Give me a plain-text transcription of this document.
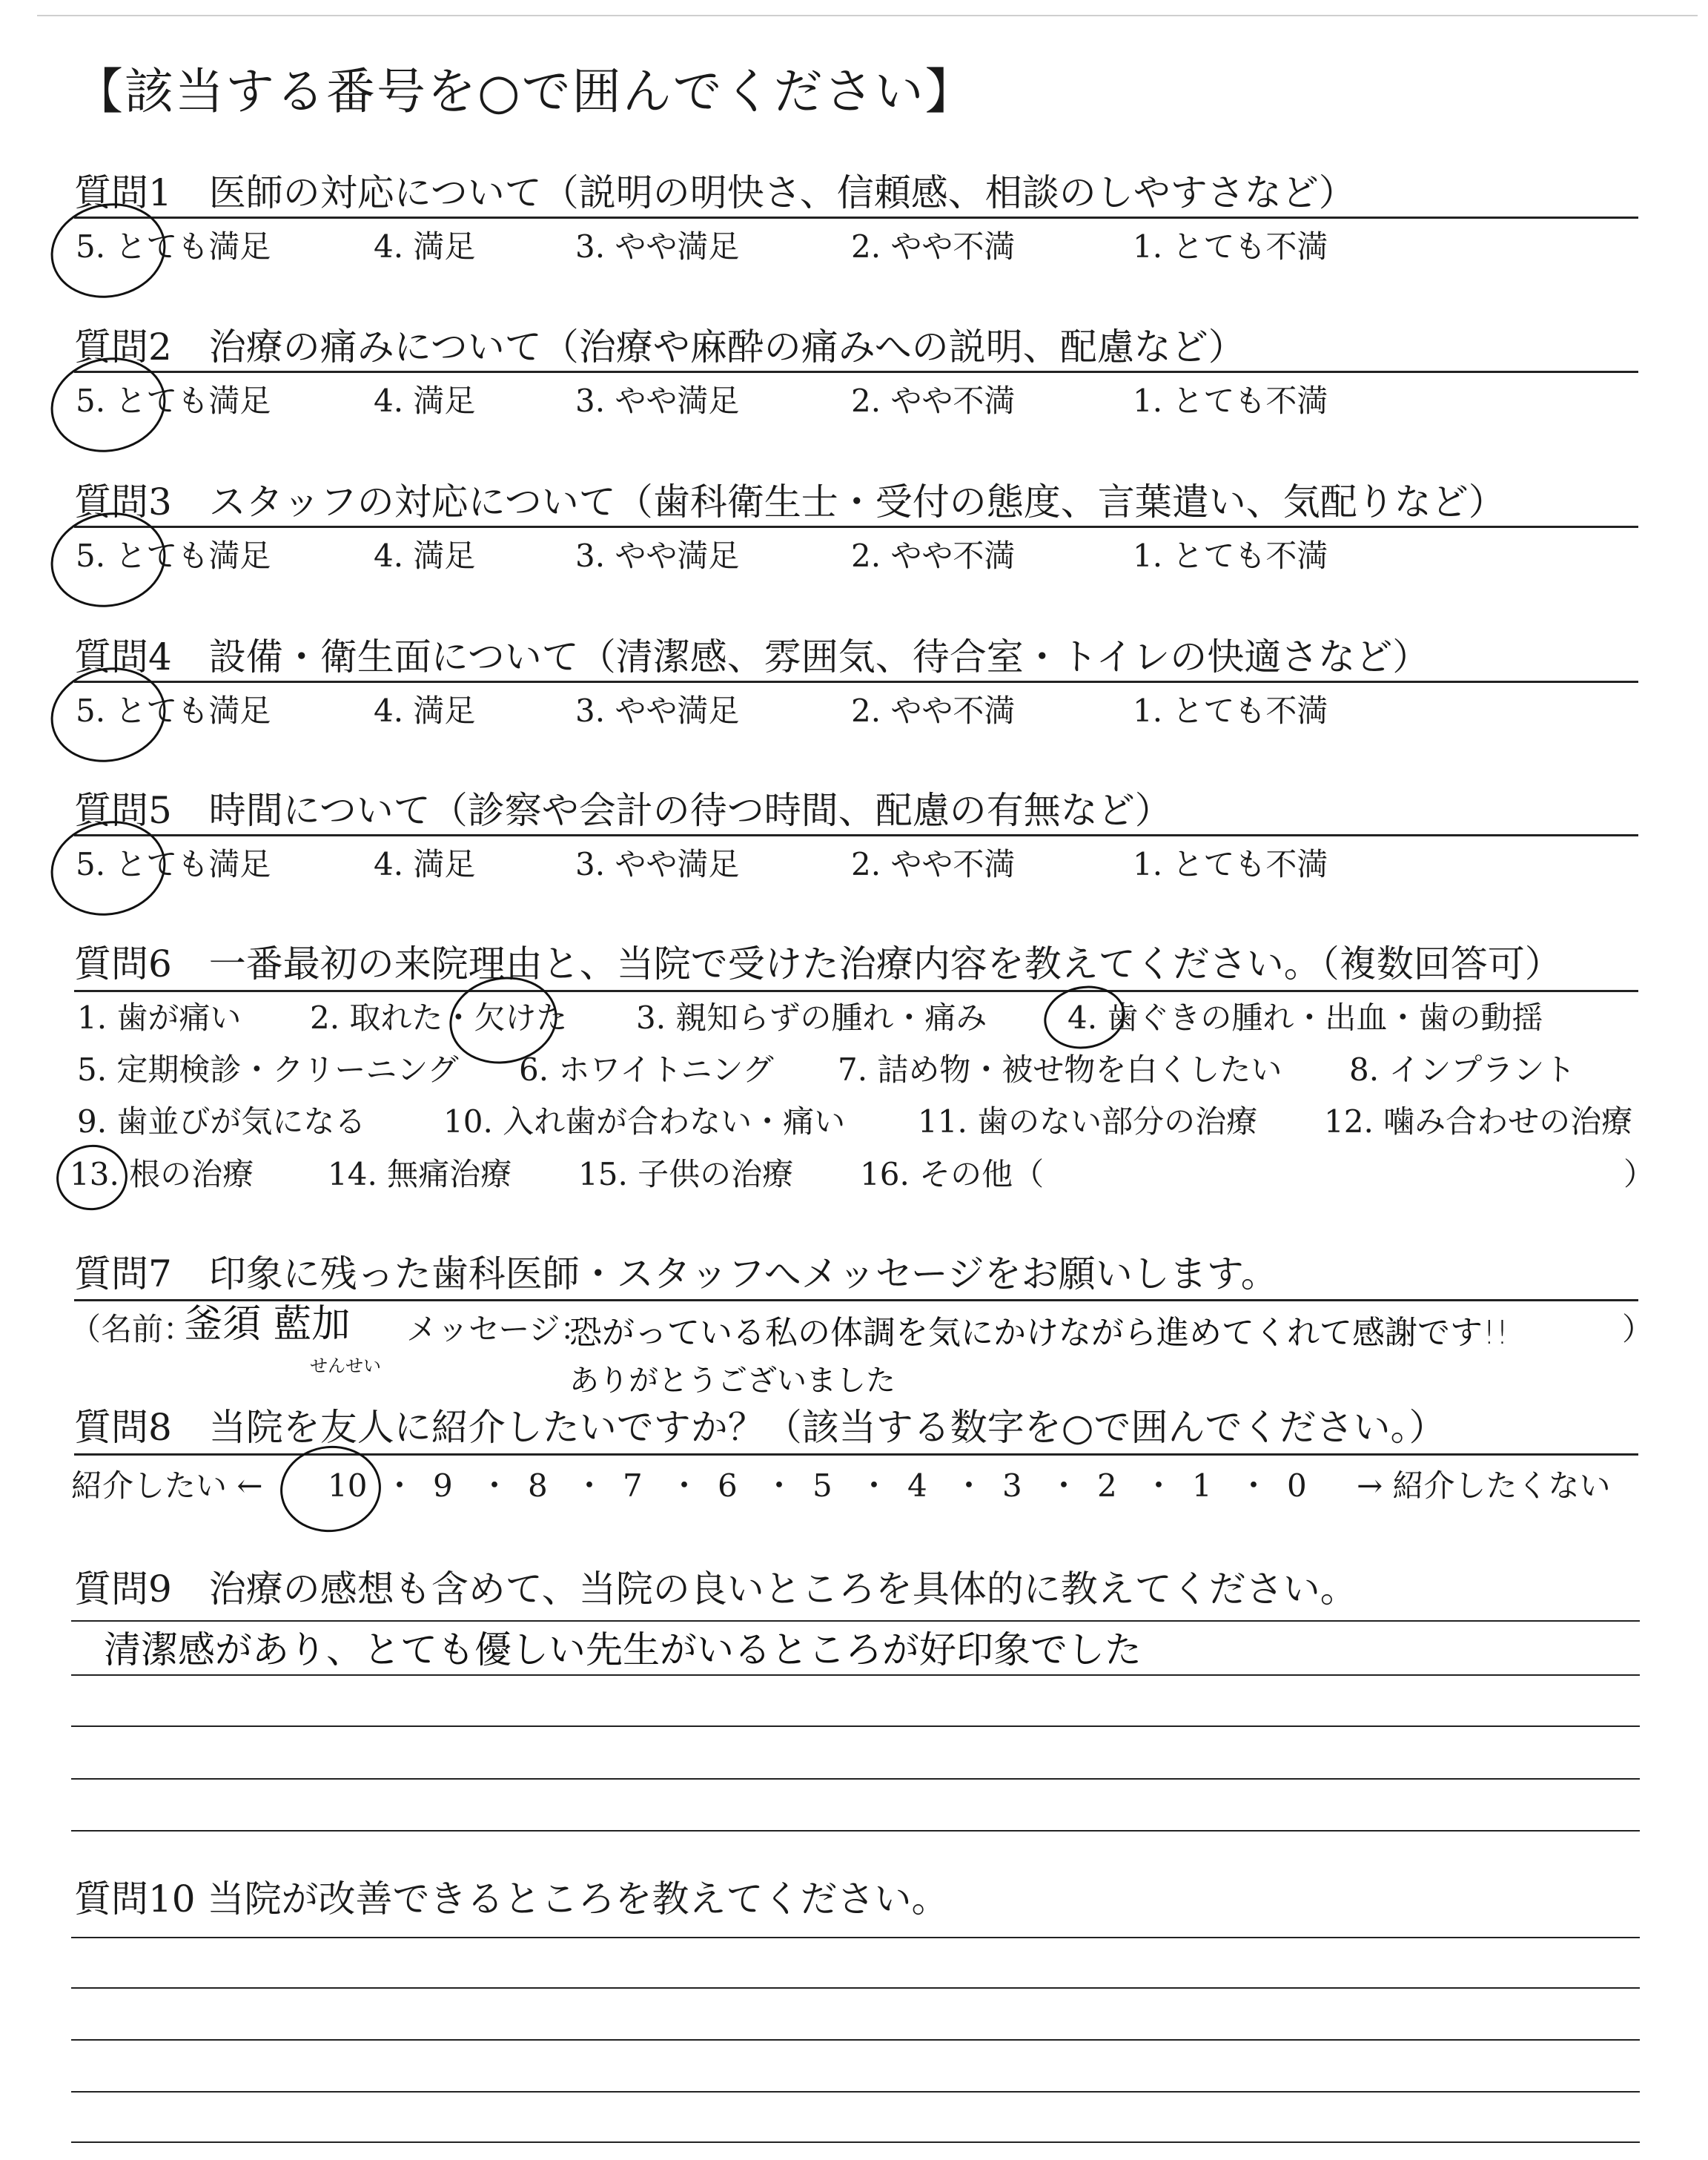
【該当する番号を○で囲んでください】
質問1　医師の対応について（説明の明快さ、信頼感、相談のしやすさなど）
5. とても満足	4. 満足	3. やや満足	2. やや不満	1. とても不満
質問2　治療の痛みについて（治療や麻酔の痛みへの説明、配慮など）
5. とても満足	4. 満足	3. やや満足	2. やや不満	1. とても不満
質問3　スタッフの対応について（歯科衛生士・受付の態度、言葉遣い、気配りなど）
5. とても満足	4. 満足	3. やや満足	2. やや不満	1. とても不満
質問4　設備・衛生面について（清潔感、雰囲気、待合室・トイレの快適さなど）
5. とても満足	4. 満足	3. やや満足	2. やや不満	1. とても不満
質問5　時間について（診察や会計の待つ時間、配慮の有無など）
5. とても満足	4. 満足	3. やや満足	2. やや不満	1. とても不満
質問6　一番最初の来院理由と、当院で受けた治療内容を教えてください。（複数回答可）
1. 歯が痛い 2. 取れた・欠けた 3. 親知らずの腫れ・痛み	4. 歯ぐきの腫れ・出血・歯の動揺
5. 定期検診・クリーニング 6. ホワイトニング 7. 詰め物・被せ物を白くしたい 8. インプラント
9. 歯並びが気になる 10. 入れ歯が合わない・痛い 11. 歯のない部分の治療 12. 噛み合わせの治療
13. 根の治療 14. 無痛治療 15. 子供の治療 16. その他（	）
質問7　印象に残った歯科医師・スタッフへメッセージをお願いします。
（名前：
釜須 藍加
せんせい
メッセージ：
恐がっている私の体調を気にかけながら進めてくれて感謝です!!
ありがとうございました
）
質問8　当院を友人に紹介したいですか？（該当する数字を○で囲んでください。）
紹介したい ← 10 ・ 9 ・ 8 ・ 7 ・ 6 ・ 5 ・ 4 ・ 3 ・ 2 ・ 1 ・ 0 → 紹介したくない
質問9　治療の感想も含めて、当院の良いところを具体的に教えてください。
清潔感があり、とても優しい先生がいるところが好印象でした
質問10 当院が改善できるところを教えてください。
